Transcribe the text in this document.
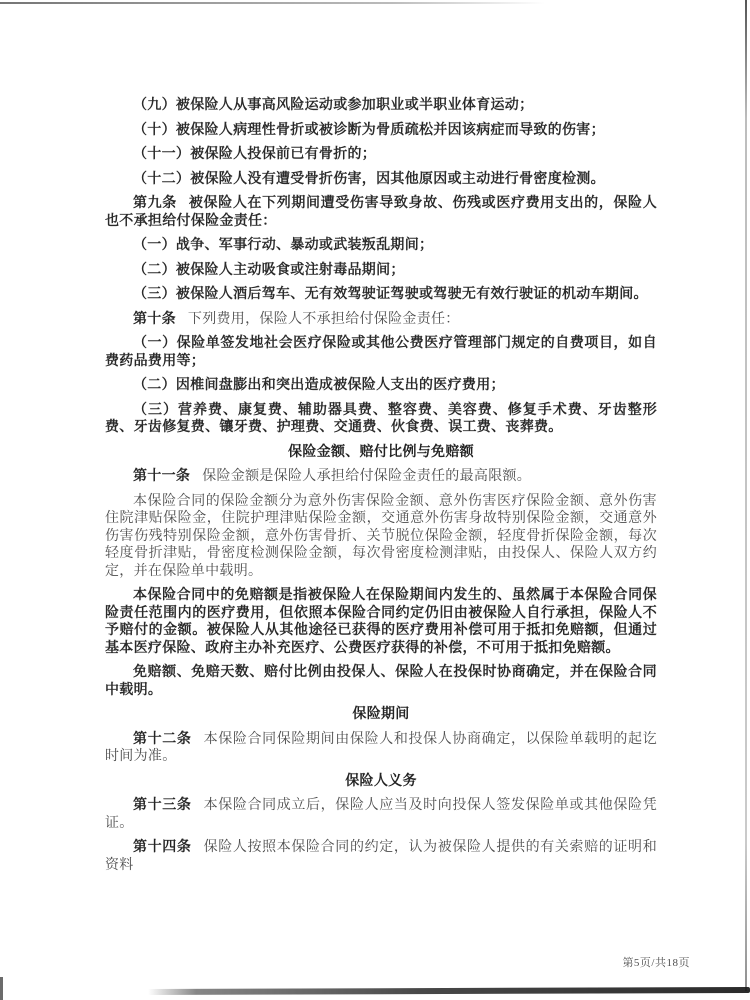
（九）被保险人从事高风险运动或参加职业或半职业体育运动；

（十）被保险人病理性骨折或被诊断为骨质疏松并因该病症而导致的伤害；

（十一）被保险人投保前已有骨折的；

（十二）被保险人没有遭受骨折伤害，因其他原因或主动进行骨密度检测。

第九条 被保险人在下列期间遭受伤害导致身故、伤残或医疗费用支出的，保险人也不承担给付保险金责任：

（一）战争、军事行动、暴动或武装叛乱期间；

（二）被保险人主动吸食或注射毒品期间；

（三）被保险人酒后驾车、无有效驾驶证驾驶或驾驶无有效行驶证的机动车期间。

第十条 下列费用，保险人不承担给付保险金责任：

（一）保险单签发地社会医疗保险或其他公费医疗管理部门规定的自费项目，如自费药品费用等；

（二）因椎间盘膨出和突出造成被保险人支出的医疗费用；

（三）营养费、康复费、辅助器具费、整容费、美容费、修复手术费、牙齿整形费、牙齿修复费、镶牙费、护理费、交通费、伙食费、误工费、丧葬费。

保险金额、赔付比例与免赔额

第十一条 保险金额是保险人承担给付保险金责任的最高限额。

本保险合同的保险金额分为意外伤害保险金额、意外伤害医疗保险金额、意外伤害住院津贴保险金，住院护理津贴保险金额，交通意外伤害身故特别保险金额，交通意外伤害伤残特别保险金额，意外伤害骨折、关节脱位保险金额，轻度骨折保险金额，每次轻度骨折津贴，骨密度检测保险金额，每次骨密度检测津贴，由投保人、保险人双方约定，并在保险单中载明。

本保险合同中的免赔额是指被保险人在保险期间内发生的、虽然属于本保险合同保险责任范围内的医疗费用，但依照本保险合同约定仍旧由被保险人自行承担，保险人不予赔付的金额。被保险人从其他途径已获得的医疗费用补偿可用于抵扣免赔额，但通过基本医疗保险、政府主办补充医疗、公费医疗获得的补偿，不可用于抵扣免赔额。

免赔额、免赔天数、赔付比例由投保人、保险人在投保时协商确定，并在保险合同中载明。

保险期间

第十二条 本保险合同保险期间由保险人和投保人协商确定，以保险单载明的起讫时间为准。

保险人义务

第十三条 本保险合同成立后，保险人应当及时向投保人签发保险单或其他保险凭证。

第十四条 保险人按照本保险合同的约定，认为被保险人提供的有关索赔的证明和资料

第5页/共18页
